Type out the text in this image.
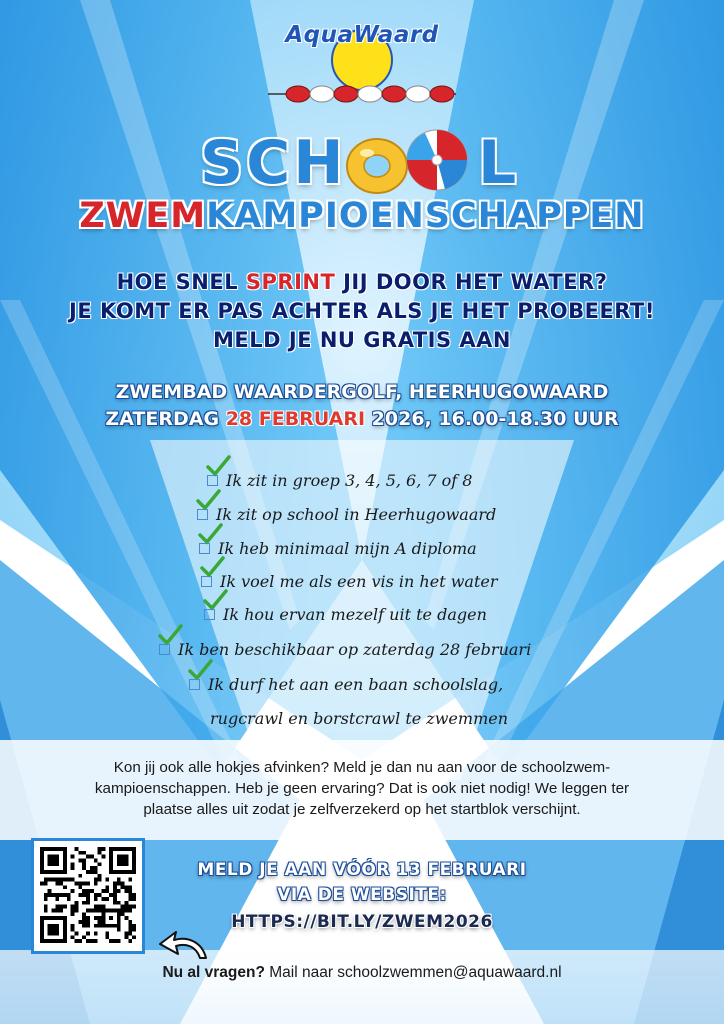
AquaWaard
SCH L
ZWEMKAMPIOENSCHAPPEN
HOE SNEL SPRINT JIJ DOOR HET WATER?
JE KOMT ER PAS ACHTER ALS JE HET PROBEERT!
MELD JE NU GRATIS AAN
ZWEMBAD WAARDERGOLF, HEERHUGOWAARD
ZATERDAG 28 FEBRUARI 2026, 16.00-18.30 UUR
Ik zit in groep 3, 4, 5, 6, 7 of 8
Ik zit op school in Heerhugowaard
Ik heb minimaal mijn A diploma
Ik voel me als een vis in het water
Ik hou ervan mezelf uit te dagen
Ik ben beschikbaar op zaterdag 28 februari
Ik durf het aan een baan schoolslag,
rugcrawl en borstcrawl te zwemmen
Kon jij ook alle hokjes afvinken? Meld je dan nu aan voor de schoolzwem-
kampioenschappen. Heb je geen ervaring? Dat is ook niet nodig! We leggen ter
plaatse alles uit zodat je zelfverzekerd op het startblok verschijnt.
MELD JE AAN VÓÓR 13 FEBRUARI
VIA DE WEBSITE:
HTTPS://BIT.LY/ZWEM2026
Nu al vragen? Mail naar schoolzwemmen@aquawaard.nl
